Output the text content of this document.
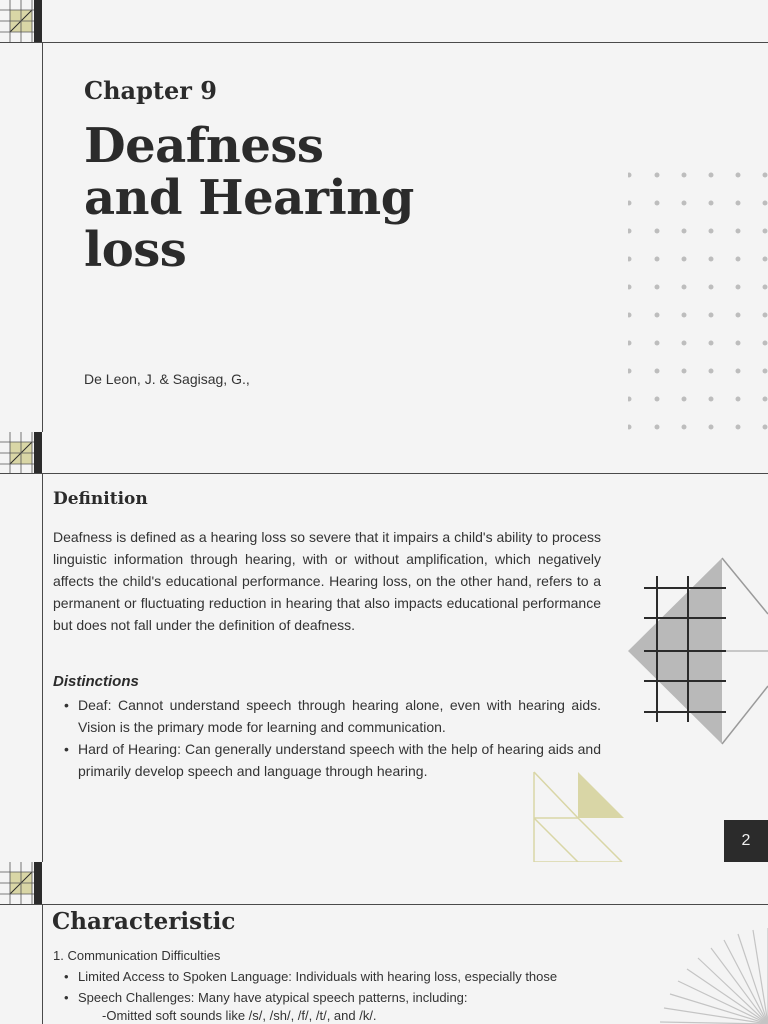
Chapter 9
Deafness
and Hearing
loss
De Leon, J. & Sagisag, G.,
Definition

Deafness is defined as a hearing loss so severe that it impairs a child's ability to process linguistic information through hearing, with or without amplification, which negatively affects the child's educational performance. Hearing loss, on the other hand, refers to a permanent or fluctuating reduction in hearing that also impacts educational performance but does not fall under the definition of deafness.

Distinctions
• Deaf: Cannot understand speech through hearing alone, even with hearing aids. Vision is the primary mode for learning and communication.
• Hard of Hearing: Can generally understand speech with the help of hearing aids and primarily develop speech and language through hearing.
2
Characteristic
1. Communication Difficulties
• Limited Access to Spoken Language: Individuals with hearing loss, especially those
• Speech Challenges: Many have atypical speech patterns, including:
-Omitted soft sounds like /s/, /sh/, /f/, /t/, and /k/.
